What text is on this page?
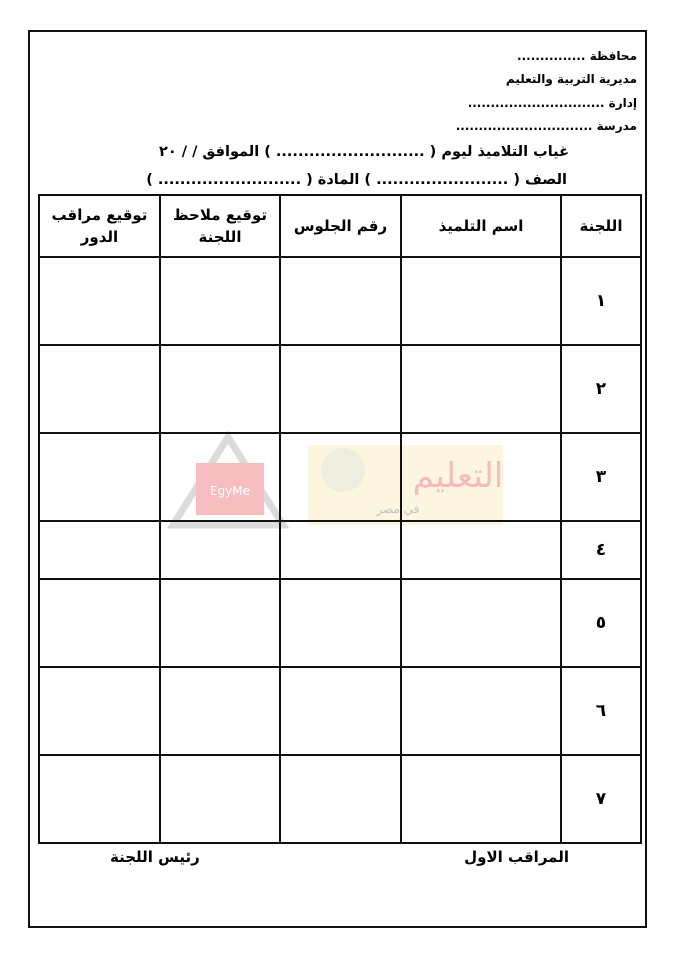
محافظة ...............
مديرية التربية والتعليم
إدارة ..............................
مدرسة ..............................
غياب التلاميذ ليوم ( ........................... ) الموافق / / ٢٠
الصف ( ........................ ) المادة ( .......................... )
EgyMe	التعليم
في مصر
اللجنة	اسم التلميذ	رقم الجلوس	توقيع ملاحظ اللجنة	توقيع مراقب الدور
١				
٢				
٣				
٤				
٥				
٦				
٧				
المراقب الاول
رئيس اللجنة
